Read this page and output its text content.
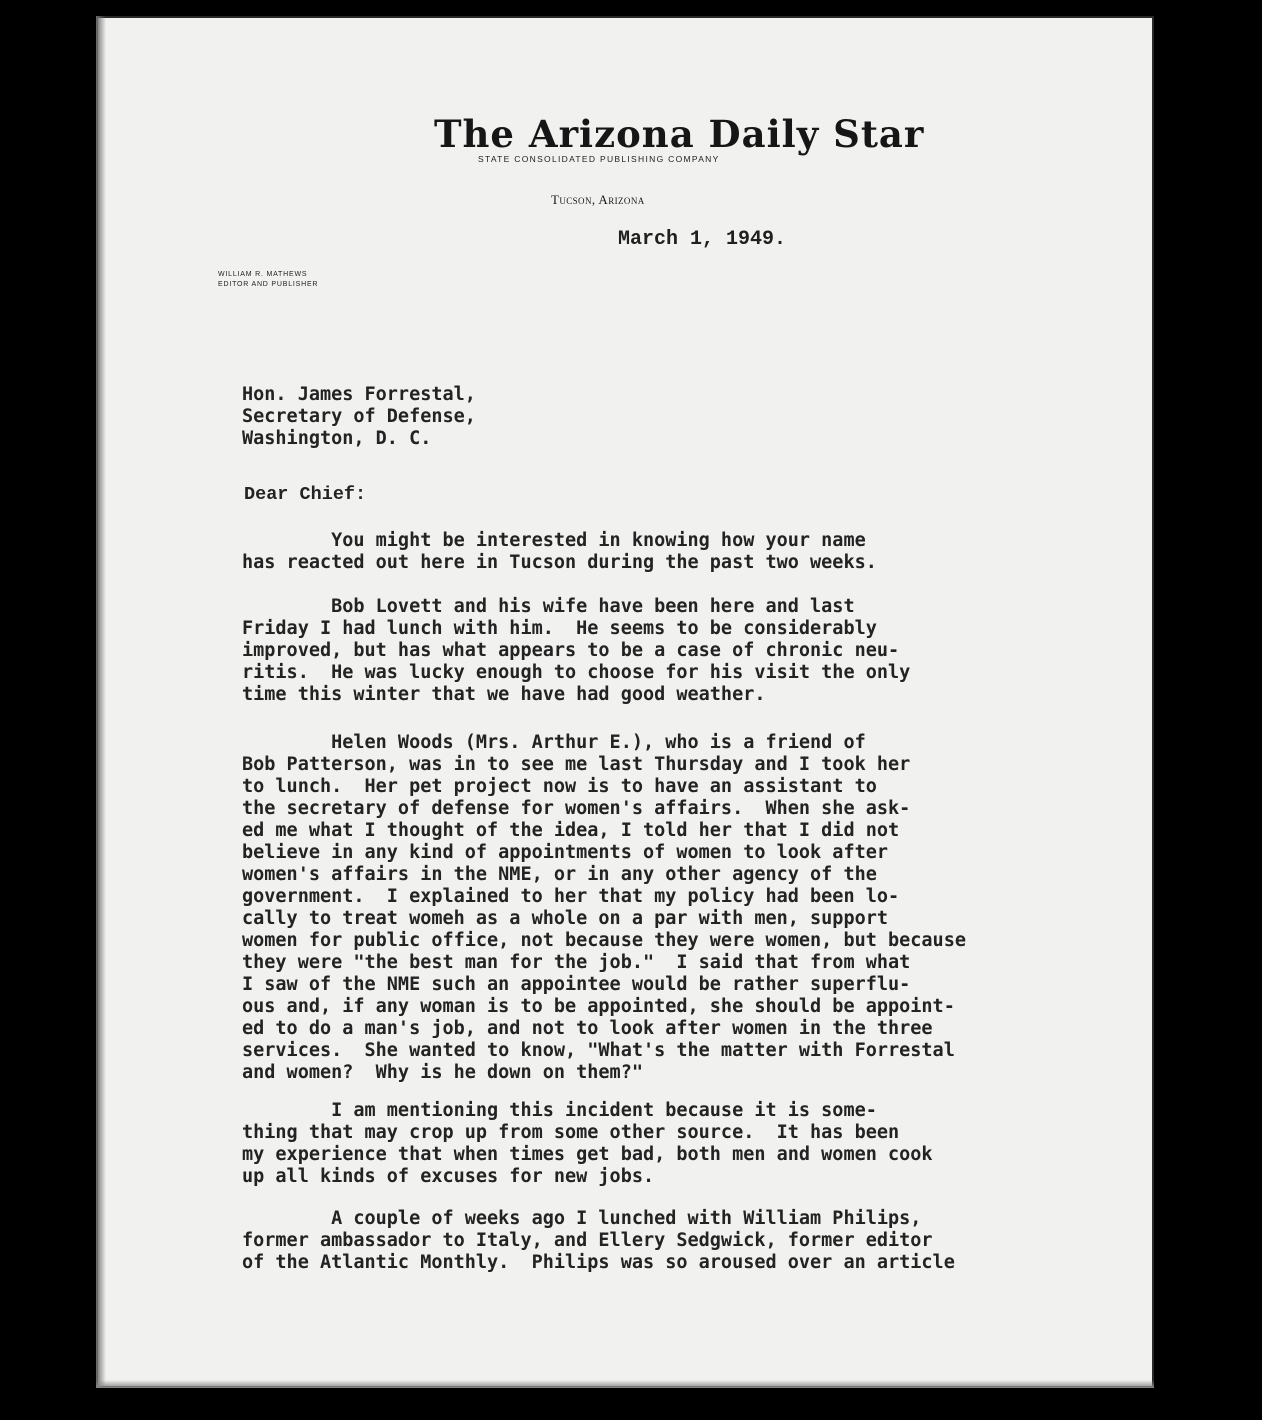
The Arizona Daily Star
STATE CONSOLIDATED PUBLISHING COMPANY
Tucson, Arizona
March 1, 1949.
WILLIAM R. MATHEWS
EDITOR AND PUBLISHER
Hon. James Forrestal,
Secretary of Defense,
Washington, D. C.
Dear Chief:
You might be interested in knowing how your name
has reacted out here in Tucson during the past two weeks.
Bob Lovett and his wife have been here and last
Friday I had lunch with him.  He seems to be considerably
improved, but has what appears to be a case of chronic neu-
ritis.  He was lucky enough to choose for his visit the only
time this winter that we have had good weather.
Helen Woods (Mrs. Arthur E.), who is a friend of
Bob Patterson, was in to see me last Thursday and I took her
to lunch.  Her pet project now is to have an assistant to
the secretary of defense for women's affairs.  When she ask-
ed me what I thought of the idea, I told her that I did not
believe in any kind of appointments of women to look after
women's affairs in the NME, or in any other agency of the
government.  I explained to her that my policy had been lo-
cally to treat womeh as a whole on a par with men, support
women for public office, not because they were women, but because
they were "the best man for the job."  I said that from what
I saw of the NME such an appointee would be rather superflu-
ous and, if any woman is to be appointed, she should be appoint-
ed to do a man's job, and not to look after women in the three
services.  She wanted to know, "What's the matter with Forrestal
and women?  Why is he down on them?"
I am mentioning this incident because it is some-
thing that may crop up from some other source.  It has been
my experience that when times get bad, both men and women cook
up all kinds of excuses for new jobs.
A couple of weeks ago I lunched with William Philips,
former ambassador to Italy, and Ellery Sedgwick, former editor
of the Atlantic Monthly.  Philips was so aroused over an article
